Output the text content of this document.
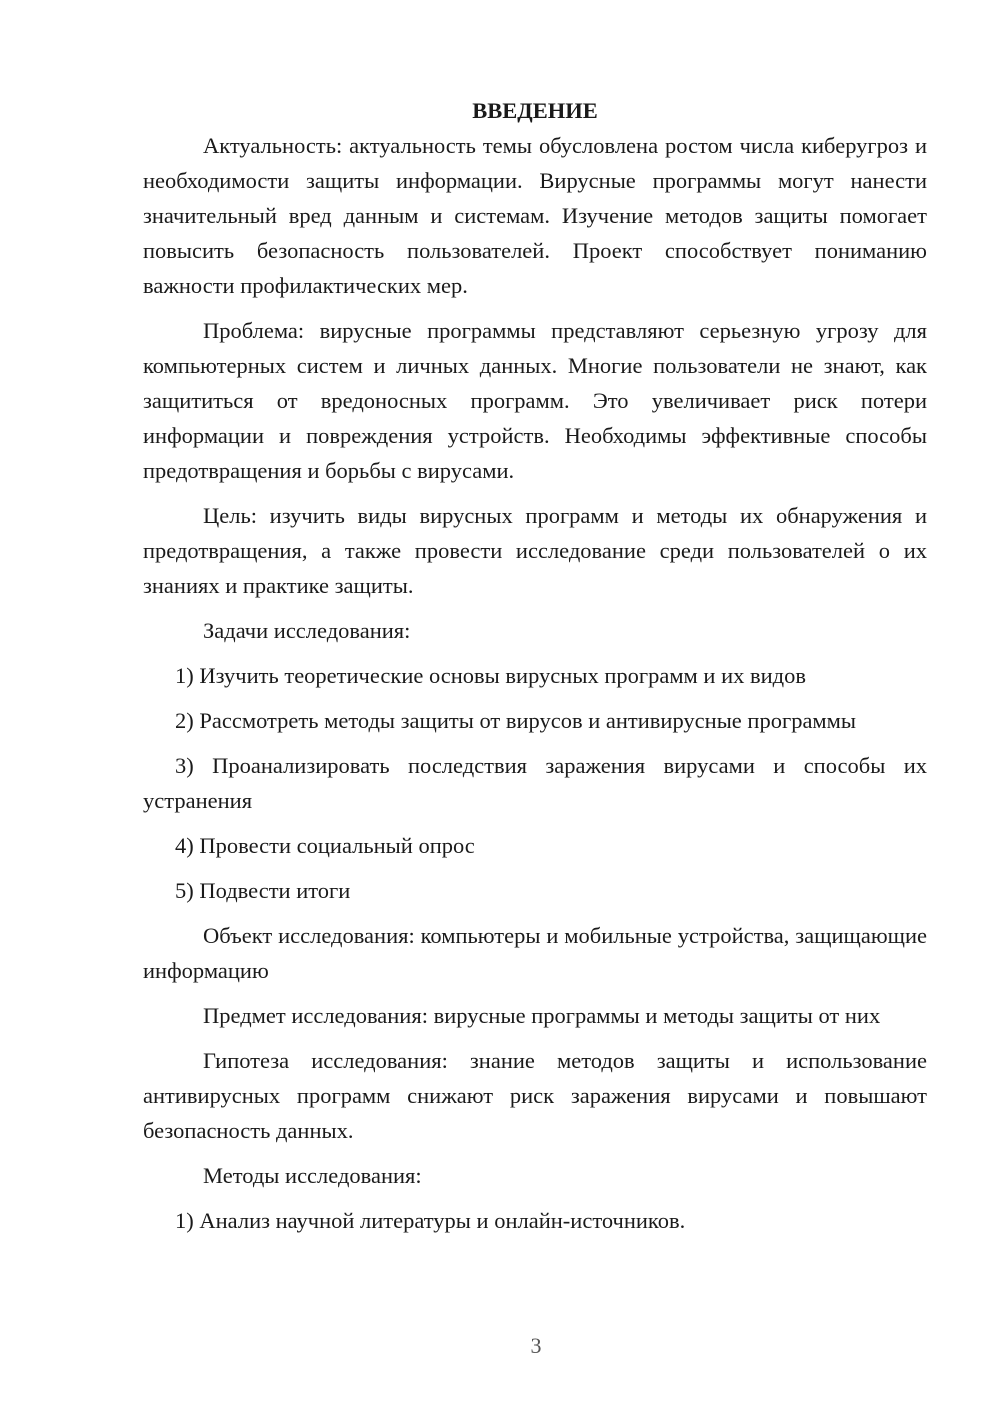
ВВЕДЕНИЕ

Актуальность: актуальность темы обусловлена ростом числа киберугроз и необходимости защиты информации. Вирусные программы могут нанести значительный вред данным и системам. Изучение методов защиты помогает повысить безопасность пользователей. Проект способствует пониманию важности профилактических мер.

Проблема: вирусные программы представляют серьезную угрозу для компьютерных систем и личных данных. Многие пользователи не знают, как защититься от вредоносных программ. Это увеличивает риск потери информации и повреждения устройств. Необходимы эффективные способы предотвращения и борьбы с вирусами.

Цель: изучить виды вирусных программ и методы их обнаружения и предотвращения, а также провести исследование среди пользователей о их знаниях и практике защиты.

Задачи исследования:

1) Изучить теоретические основы вирусных программ и их видов

2) Рассмотреть методы защиты от вирусов и антивирусные программы

3) Проанализировать последствия заражения вирусами и способы их устранения

4) Провести социальный опрос

5) Подвести итоги

Объект исследования: компьютеры и мобильные устройства, защищающие информацию

Предмет исследования: вирусные программы и методы защиты от них

Гипотеза исследования: знание методов защиты и использование антивирусных программ снижают риск заражения вирусами и повышают безопасность данных.

Методы исследования:

1) Анализ научной литературы и онлайн-источников.

3
